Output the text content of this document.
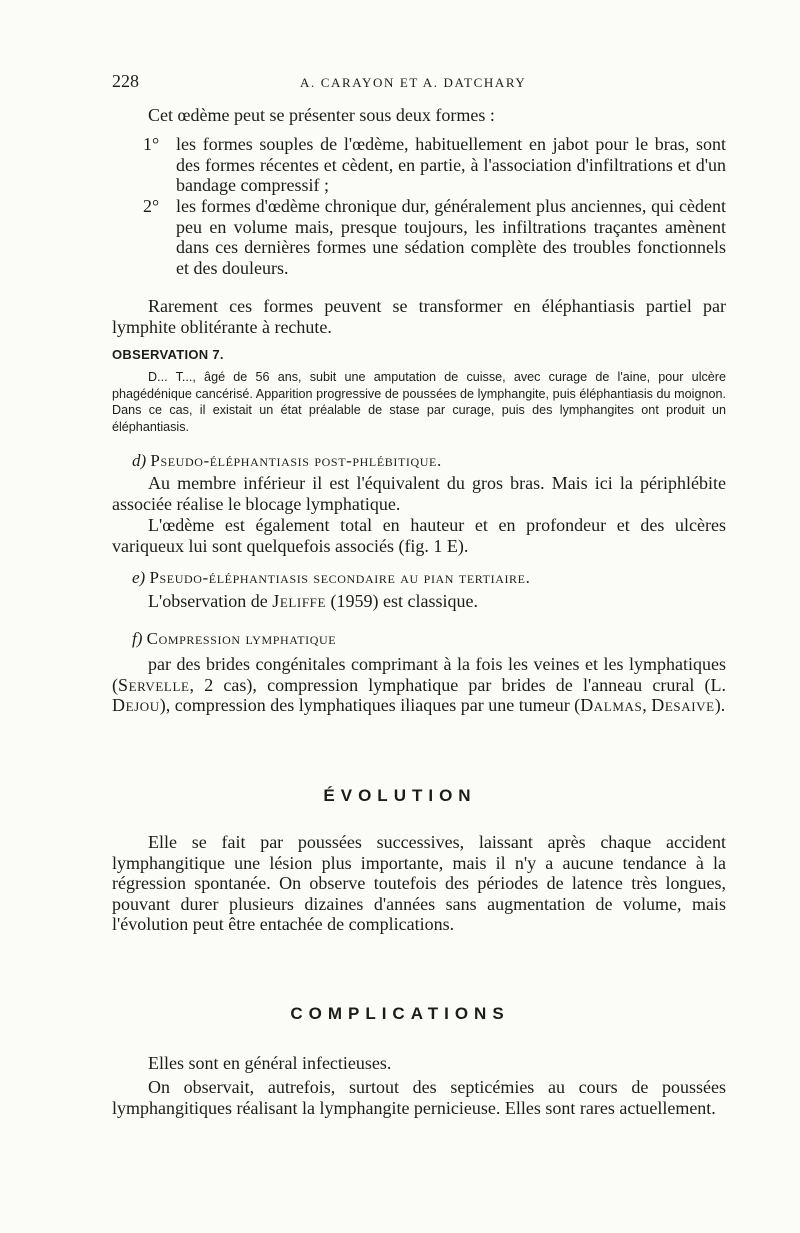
228	A. CARAYON ET A. DATCHARY
Cet œdème peut se présenter sous deux formes :
1° les formes souples de l'œdème, habituellement en jabot pour le bras, sont des formes récentes et cèdent, en partie, à l'association d'infiltrations et d'un bandage compressif ;
2° les formes d'œdème chronique dur, généralement plus anciennes, qui cèdent peu en volume mais, presque toujours, les infiltrations traçantes amènent dans ces dernières formes une sédation complète des troubles fonctionnels et des douleurs.
Rarement ces formes peuvent se transformer en éléphantiasis partiel par lymphite oblitérante à rechute.
OBSERVATION 7.
D... T..., âgé de 56 ans, subit une amputation de cuisse, avec curage de l'aine, pour ulcère phagédénique cancérisé. Apparition progressive de poussées de lymphangite, puis éléphantiasis du moignon. Dans ce cas, il existait un état préalable de stase par curage, puis des lymphangites ont produit un éléphantiasis.
d) Pseudo-éléphantiasis post-phlébitique.
Au membre inférieur il est l'équivalent du gros bras. Mais ici la périphlébite associée réalise le blocage lymphatique.
L'œdème est également total en hauteur et en profondeur et des ulcères variqueux lui sont quelquefois associés (fig. 1 E).
e) Pseudo-éléphantiasis secondaire au pian tertiaire.
L'observation de Jeliffe (1959) est classique.
f) Compression lymphatique
par des brides congénitales comprimant à la fois les veines et les lymphatiques (Servelle, 2 cas), compression lymphatique par brides de l'anneau crural (L. Dejou), compression des lymphatiques iliaques par une tumeur (Dalmas, Desaive).
ÉVOLUTION
Elle se fait par poussées successives, laissant après chaque accident lymphangitique une lésion plus importante, mais il n'y a aucune tendance à la régression spontanée. On observe toutefois des périodes de latence très longues, pouvant durer plusieurs dizaines d'années sans augmentation de volume, mais l'évolution peut être entachée de complications.
COMPLICATIONS
Elles sont en général infectieuses.
On observait, autrefois, surtout des septicémies au cours de poussées lymphangitiques réalisant la lymphangite pernicieuse. Elles sont rares actuellement.
